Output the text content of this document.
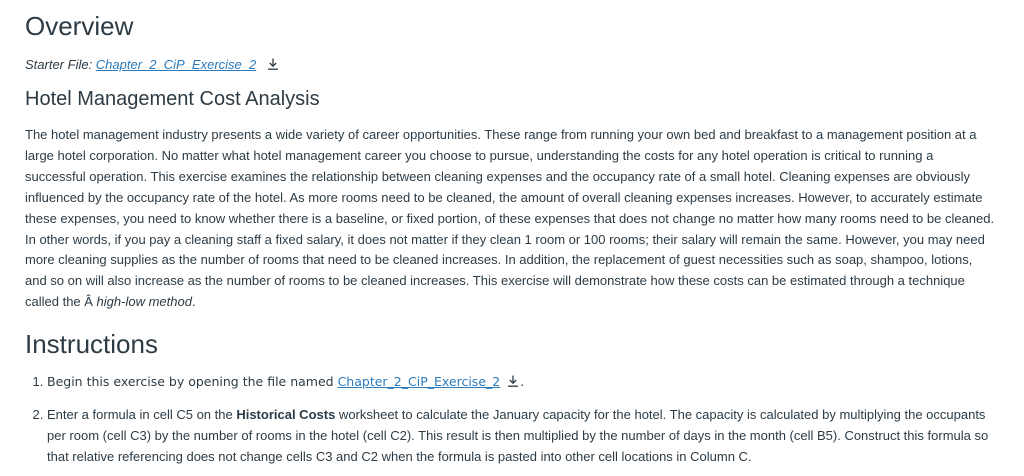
Overview
Starter File: Chapter_2_CiP_Exercise_2
Hotel Management Cost Analysis

The hotel management industry presents a wide variety of career opportunities. These range from running your own bed and breakfast to a management position at a large hotel corporation. No matter what hotel management career you choose to pursue, understanding the costs for any hotel operation is critical to running a successful operation. This exercise examines the relationship between cleaning expenses and the occupancy rate of a small hotel. Cleaning expenses are obviously influenced by the occupancy rate of the hotel. As more rooms need to be cleaned, the amount of overall cleaning expenses increases. However, to accurately estimate these expenses, you need to know whether there is a baseline, or fixed portion, of these expenses that does not change no matter how many rooms need to be cleaned. In other words, if you pay a cleaning staff a fixed salary, it does not matter if they clean 1 room or 100 rooms; their salary will remain the same. However, you may need more cleaning supplies as the number of rooms that need to be cleaned increases. In addition, the replacement of guest necessities such as soap, shampoo, lotions, and so on will also increase as the number of rooms to be cleaned increases. This exercise will demonstrate how these costs can be estimated through a technique called the Â high-low method.

Instructions
1. Begin this exercise by opening the file named Chapter_2_CiP_Exercise_2 .
2. Enter a formula in cell C5 on the Historical Costs worksheet to calculate the January capacity for the hotel. The capacity is calculated by multiplying the occupants per room (cell C3) by the number of rooms in the hotel (cell C2). This result is then multiplied by the number of days in the month (cell B5). Construct this formula so that relative referencing does not change cells C3 and C2 when the formula is pasted into other cell locations in Column C.
